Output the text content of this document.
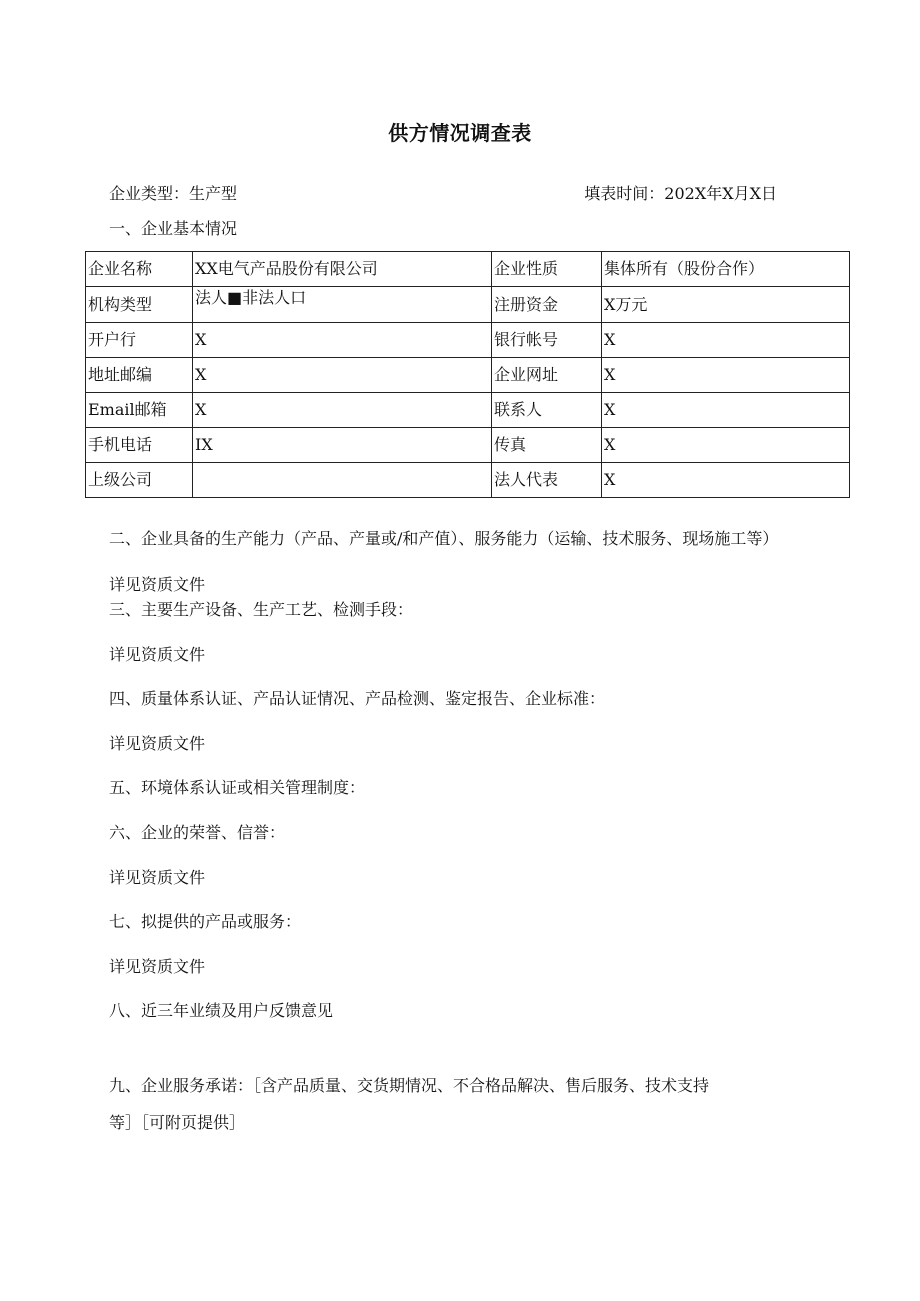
供方情况调查表
企业类型：生产型	填表时间：202X年X月X日
一、企业基本情况
企业名称	XX电气产品股份有限公司	企业性质	集体所有（股份合作）
机构类型	法人■非法人口	注册资金	X万元
开户行	X	银行帐号	X
地址邮编	X	企业网址	X
Email邮箱	X	联系人	X
手机电话	IX	传真	X
上级公司		法人代表	X
二、企业具备的生产能力（产品、产量或/和产值）、服务能力（运输、技术服务、现场施工等）
详见资质文件
三、主要生产设备、生产工艺、检测手段：
详见资质文件
四、质量体系认证、产品认证情况、产品检测、鉴定报告、企业标准：
详见资质文件
五、环境体系认证或相关管理制度：
六、企业的荣誉、信誉：
详见资质文件
七、拟提供的产品或服务：
详见资质文件
八、近三年业绩及用户反馈意见
九、企业服务承诺：［含产品质量、交货期情况、不合格品解决、售后服务、技术支持
等］［可附页提供］
